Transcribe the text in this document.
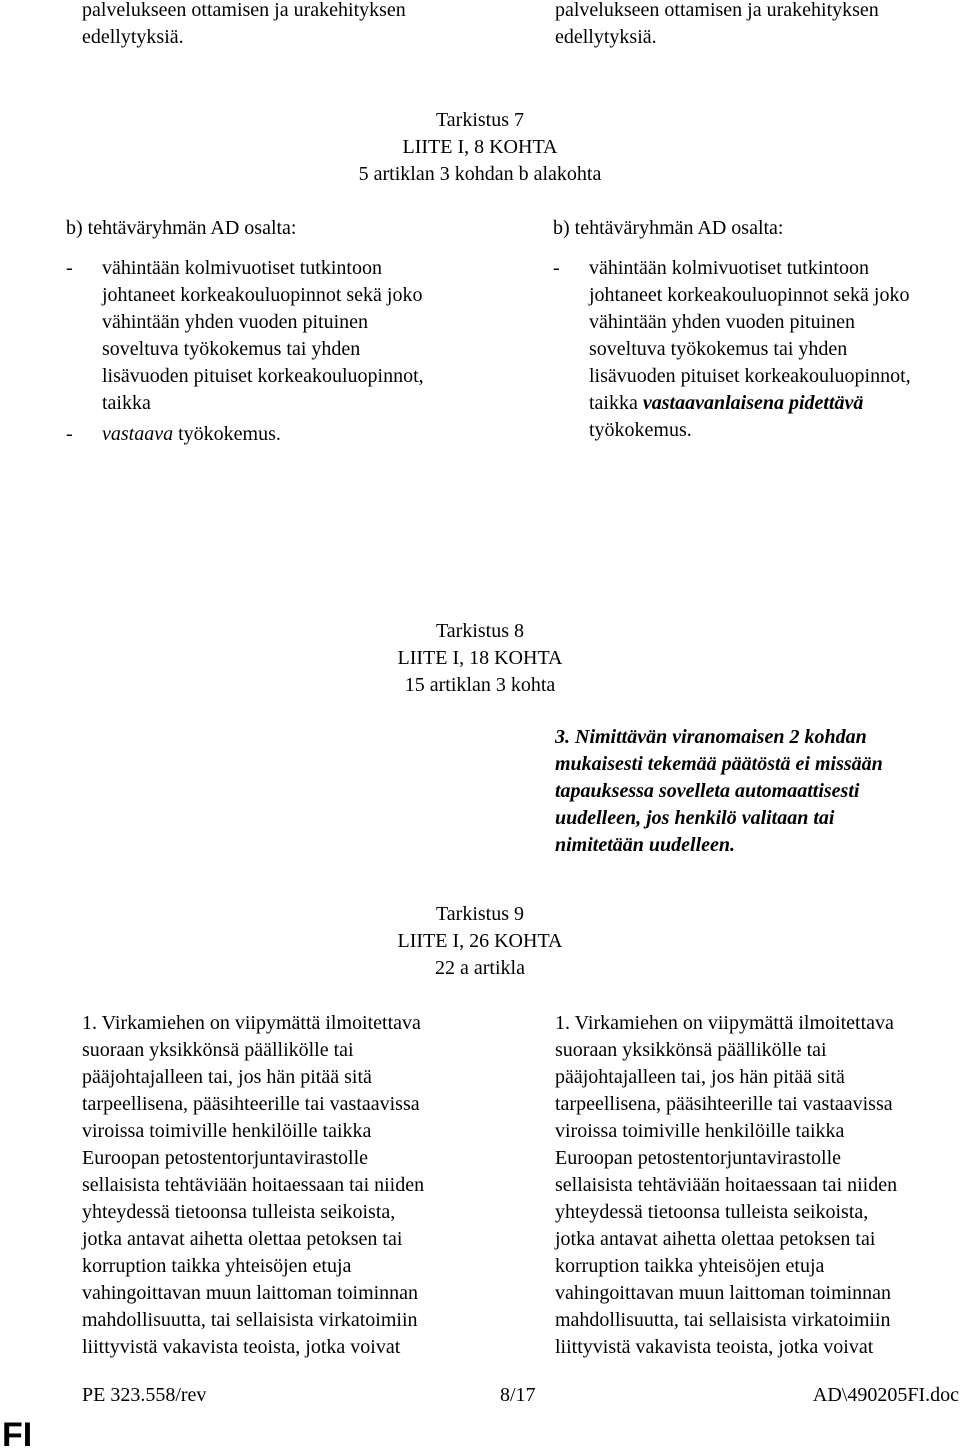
palvelukseen ottamisen ja urakehityksen

edellytyksiä.

palvelukseen ottamisen ja urakehityksen

edellytyksiä.

Tarkistus 7

LIITE I, 8 KOHTA

5 artiklan 3 kohdan b alakohta

b) tehtäväryhmän AD osalta:

- vähintään kolmivuotiset tutkintoon

johtaneet korkeakouluopinnot sekä joko

vähintään yhden vuoden pituinen

soveltuva työkokemus tai yhden

lisävuoden pituiset korkeakouluopinnot,

taikka

- vastaava työkokemus.

b) tehtäväryhmän AD osalta:

- vähintään kolmivuotiset tutkintoon

johtaneet korkeakouluopinnot sekä joko

vähintään yhden vuoden pituinen

soveltuva työkokemus tai yhden

lisävuoden pituiset korkeakouluopinnot,

taikka vastaavanlaisena pidettävä

työkokemus.

Tarkistus 8

LIITE I, 18 KOHTA

15 artiklan 3 kohta

3. Nimittävän viranomaisen 2 kohdan

mukaisesti tekemää päätöstä ei missään

tapauksessa sovelleta automaattisesti

uudelleen, jos henkilö valitaan tai

nimitetään uudelleen.

Tarkistus 9

LIITE I, 26 KOHTA

22 a artikla

1. Virkamiehen on viipymättä ilmoitettava

suoraan yksikkönsä päällikölle tai

pääjohtajalleen tai, jos hän pitää sitä

tarpeellisena, pääsihteerille tai vastaavissa

viroissa toimiville henkilöille taikka

Euroopan petostentorjuntavirastolle

sellaisista tehtäviään hoitaessaan tai niiden

yhteydessä tietoonsa tulleista seikoista,

jotka antavat aihetta olettaa petoksen tai

korruption taikka yhteisöjen etuja

vahingoittavan muun laittoman toiminnan

mahdollisuutta, tai sellaisista virkatoimiin

liittyvistä vakavista teoista, jotka voivat

1. Virkamiehen on viipymättä ilmoitettava

suoraan yksikkönsä päällikölle tai

pääjohtajalleen tai, jos hän pitää sitä

tarpeellisena, pääsihteerille tai vastaavissa

viroissa toimiville henkilöille taikka

Euroopan petostentorjuntavirastolle

sellaisista tehtäviään hoitaessaan tai niiden

yhteydessä tietoonsa tulleista seikoista,

jotka antavat aihetta olettaa petoksen tai

korruption taikka yhteisöjen etuja

vahingoittavan muun laittoman toiminnan

mahdollisuutta, tai sellaisista virkatoimiin

liittyvistä vakavista teoista, jotka voivat

PE 323.558/rev	8/17	AD\490205FI.doc
FI
